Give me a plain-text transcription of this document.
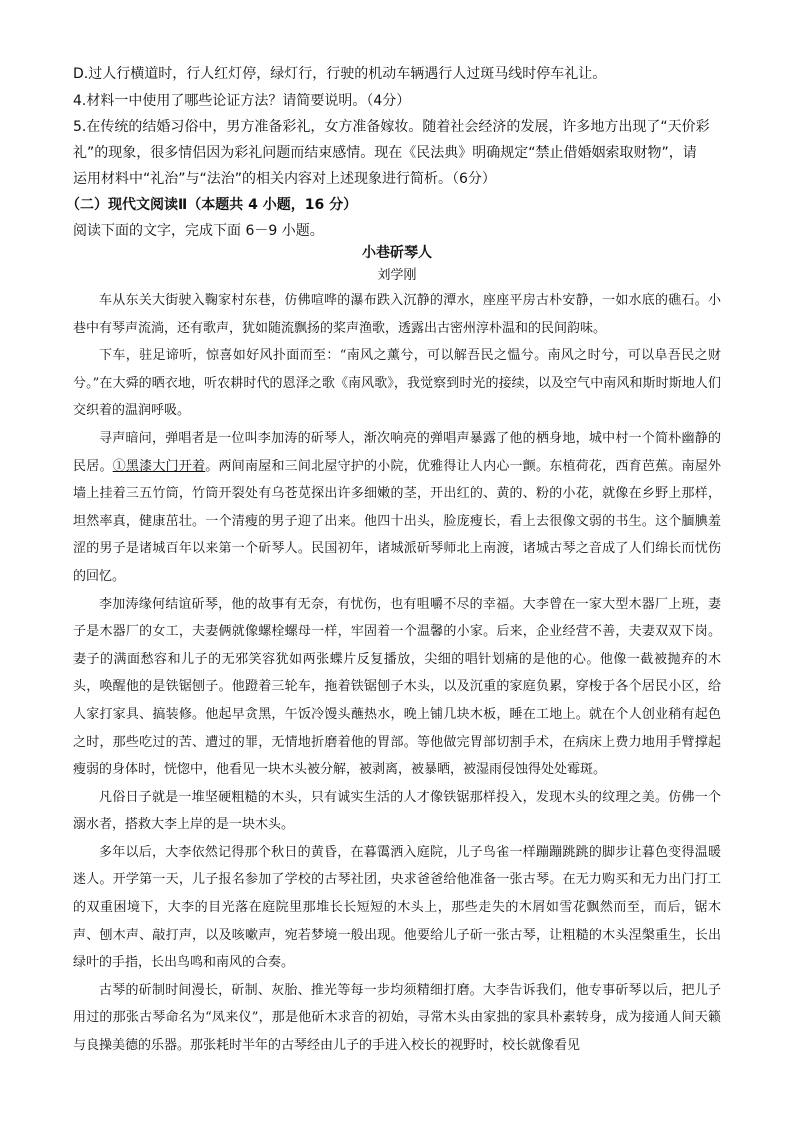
D.过人行横道时，行人红灯停，绿灯行，行驶的机动车辆遇行人过斑马线时停车礼让。
4.材料一中使用了哪些论证方法？请简要说明。（4分）
5.在传统的结婚习俗中，男方准备彩礼，女方准备嫁妆。随着社会经济的发展，许多地方出现了“天价彩
礼”的现象，很多情侣因为彩礼问题而结束感情。现在《民法典》明确规定“禁止借婚姻索取财物”，请
运用材料中“礼治”与“法治”的相关内容对上述现象进行简析。（6分）
（二）现代文阅读Ⅱ（本题共 4 小题，16 分）
阅读下面的文字，完成下面 6－9 小题。
小巷斫琴人
刘学刚

车从东关大街驶入鞠家村东巷，仿佛喧哗的瀑布跌入沉静的潭水，座座平房古朴安静，一如水底的礁石。小巷中有琴声流淌，还有歌声，犹如随流飘扬的桨声渔歌，透露出古密州淳朴温和的民间韵味。

下车，驻足谛听，惊喜如好风扑面而至：“南风之薰兮，可以解吾民之愠兮。南风之时兮，可以阜吾民之财兮。”在大舜的晒衣地，听农耕时代的恩泽之歌《南风歌》，我觉察到时光的接续，以及空气中南风和斯时斯地人们交织着的温润呼吸。

寻声暗问，弹唱者是一位叫李加涛的斫琴人，渐次响亮的弹唱声暴露了他的栖身地，城中村一个简朴幽静的民居。①黑漆大门开着。两间南屋和三间北屋守护的小院，优雅得让人内心一颤。东植荷花，西育芭蕉。南屋外墙上挂着三五竹筒，竹筒开裂处有乌苍苋探出许多细嫩的茎，开出红的、黄的、粉的小花，就像在乡野上那样，坦然率真，健康茁壮。一个清瘦的男子迎了出来。他四十出头，脸庞瘦长，看上去很像文弱的书生。这个腼腆羞涩的男子是诸城百年以来第一个斫琴人。民国初年，诸城派斫琴师北上南渡，诸城古琴之音成了人们绵长而忧伤的回忆。

李加涛缘何结谊斫琴，他的故事有无奈，有忧伤，也有咀嚼不尽的幸福。大李曾在一家大型木器厂上班，妻子是木器厂的女工，夫妻俩就像螺栓螺母一样，牢固着一个温馨的小家。后来，企业经营不善，夫妻双双下岗。妻子的满面愁容和儿子的无邪笑容犹如两张蝶片反复播放，尖细的唱针划痛的是他的心。他像一截被抛弃的木头，唤醒他的是铁锯刨子。他蹬着三轮车，拖着铁锯刨子木头，以及沉重的家庭负累，穿梭于各个居民小区，给人家打家具、搞装修。他起早贪黑，午饭冷馒头蘸热水，晚上铺几块木板，睡在工地上。就在个人创业稍有起色之时，那些吃过的苦、遭过的罪，无情地折磨着他的胃部。等他做完胃部切割手术，在病床上费力地用手臂撑起瘦弱的身体时，恍惚中，他看见一块木头被分解，被剥离，被暴晒，被湿雨侵蚀得处处霉斑。

凡俗日子就是一堆坚硬粗糙的木头，只有诚实生活的人才像铁锯那样投入，发现木头的纹理之美。仿佛一个溺水者，搭救大李上岸的是一块木头。

多年以后，大李依然记得那个秋日的黄昏，在暮霭洒入庭院，儿子鸟雀一样蹦蹦跳跳的脚步让暮色变得温暖迷人。开学第一天，儿子报名参加了学校的古琴社团，央求爸爸给他准备一张古琴。在无力购买和无力出门打工的双重困境下，大李的目光落在庭院里那堆长长短短的木头上，那些走失的木屑如雪花飘然而至，而后，锯木声、刨木声、敲打声，以及咳嗽声，宛若梦境一般出现。他要给儿子斫一张古琴，让粗糙的木头涅槃重生，长出绿叶的手指，长出鸟鸣和南风的合奏。

古琴的斫制时间漫长，斫制、灰胎、推光等每一步均须精细打磨。大李告诉我们，他专事斫琴以后，把儿子用过的那张古琴命名为“凤来仪”，那是他斫木求音的初始，寻常木头由家拙的家具朴素转身，成为接通人间天籁与良操美德的乐器。那张耗时半年的古琴经由儿子的手进入校长的视野时，校长就像看见
